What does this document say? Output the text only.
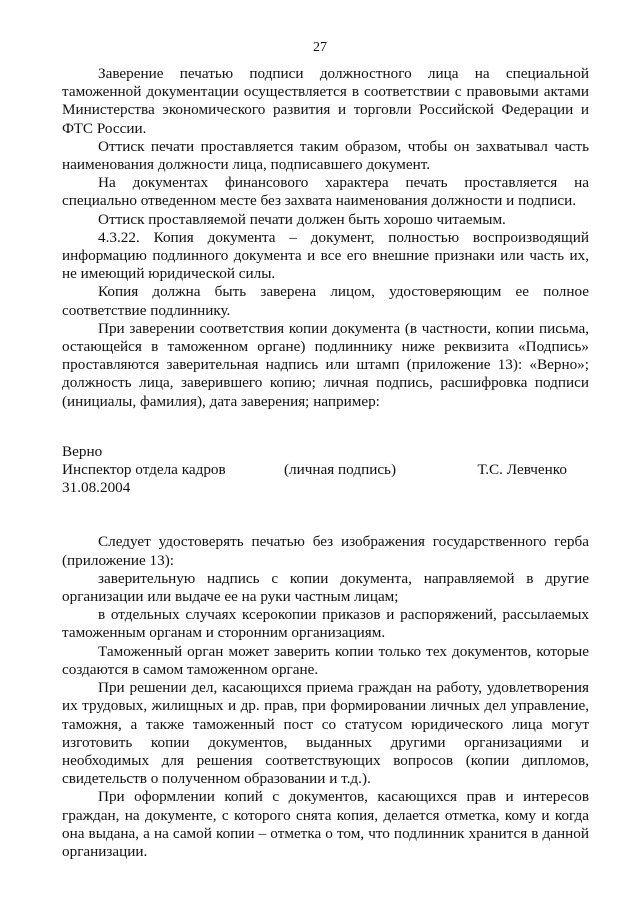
27

Заверение печатью подписи должностного лица на специальной таможенной документации осуществляется в соответствии с правовыми актами Министерства экономического развития и торговли Российской Федерации и ФТС России.

Оттиск печати проставляется таким образом, чтобы он захватывал часть наименования должности лица, подписавшего документ.

На документах финансового характера печать проставляется на специально отведенном месте без захвата наименования должности и подписи.

Оттиск проставляемой печати должен быть хорошо читаемым.

4.3.22. Копия документа – документ, полностью воспроизводящий информацию подлинного документа и все его внешние признаки или часть их, не имеющий юридической силы.

Копия должна быть заверена лицом, удостоверяющим ее полное соответствие подлиннику.

При заверении соответствия копии документа (в частности, копии письма, остающейся в таможенном органе) подлиннику ниже реквизита «Подпись» проставляются заверительная надпись или штамп (приложение 13): «Верно»; должность лица, заверившего копию; личная подпись, расшифровка подписи (инициалы, фамилия), дата заверения; например:

Верно
Инспектор отдела кадров	(личная подпись)	Т.С. Левченко
31.08.2004

Следует удостоверять печатью без изображения государственного герба (приложение 13):

заверительную надпись с копии документа, направляемой в другие организации или выдаче ее на руки частным лицам;

в отдельных случаях ксерокопии приказов и распоряжений, рассылаемых таможенным органам и сторонним организациям.

Таможенный орган может заверить копии только тех документов, которые создаются в самом таможенном органе.

При решении дел, касающихся приема граждан на работу, удовлетворения их трудовых, жилищных и др. прав, при формировании личных дел управление, таможня, а также таможенный пост со статусом юридического лица могут изготовить копии документов, выданных другими организациями и необходимых для решения соответствующих вопросов (копии дипломов, свидетельств о полученном образовании и т.д.).

При оформлении копий с документов, касающихся прав и интересов граждан, на документе, с которого снята копия, делается отметка, кому и когда она выдана, а на самой копии – отметка о том, что подлинник хранится в данной организации.
